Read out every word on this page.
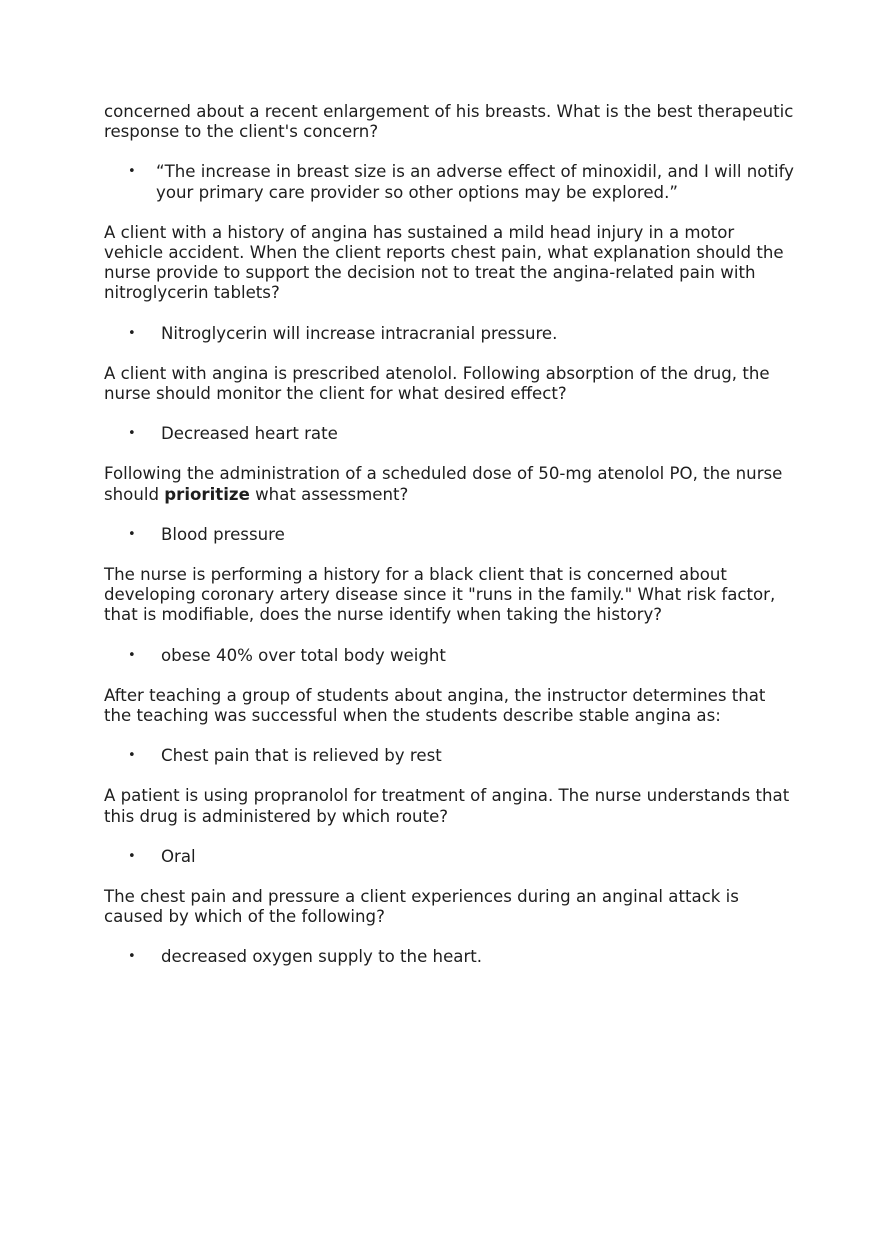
concerned about a recent enlargement of his breasts. What is the best therapeutic response to the client's concern?

• “The increase in breast size is an adverse effect of minoxidil, and I will notify your primary care provider so other options may be explored.”

A client with a history of angina has sustained a mild head injury in a motor vehicle accident. When the client reports chest pain, what explanation should the nurse provide to support the decision not to treat the angina-related pain with nitroglycerin tablets?

• Nitroglycerin will increase intracranial pressure.

A client with angina is prescribed atenolol. Following absorption of the drug, the nurse should monitor the client for what desired effect?

• Decreased heart rate

Following the administration of a scheduled dose of 50-mg atenolol PO, the nurse should prioritize what assessment?

• Blood pressure

The nurse is performing a history for a black client that is concerned about developing coronary artery disease since it "runs in the family." What risk factor, that is modifiable, does the nurse identify when taking the history?

• obese 40% over total body weight

After teaching a group of students about angina, the instructor determines that the teaching was successful when the students describe stable angina as:

• Chest pain that is relieved by rest

A patient is using propranolol for treatment of angina. The nurse understands that this drug is administered by which route?

• Oral

The chest pain and pressure a client experiences during an anginal attack is caused by which of the following?

• decreased oxygen supply to the heart.
